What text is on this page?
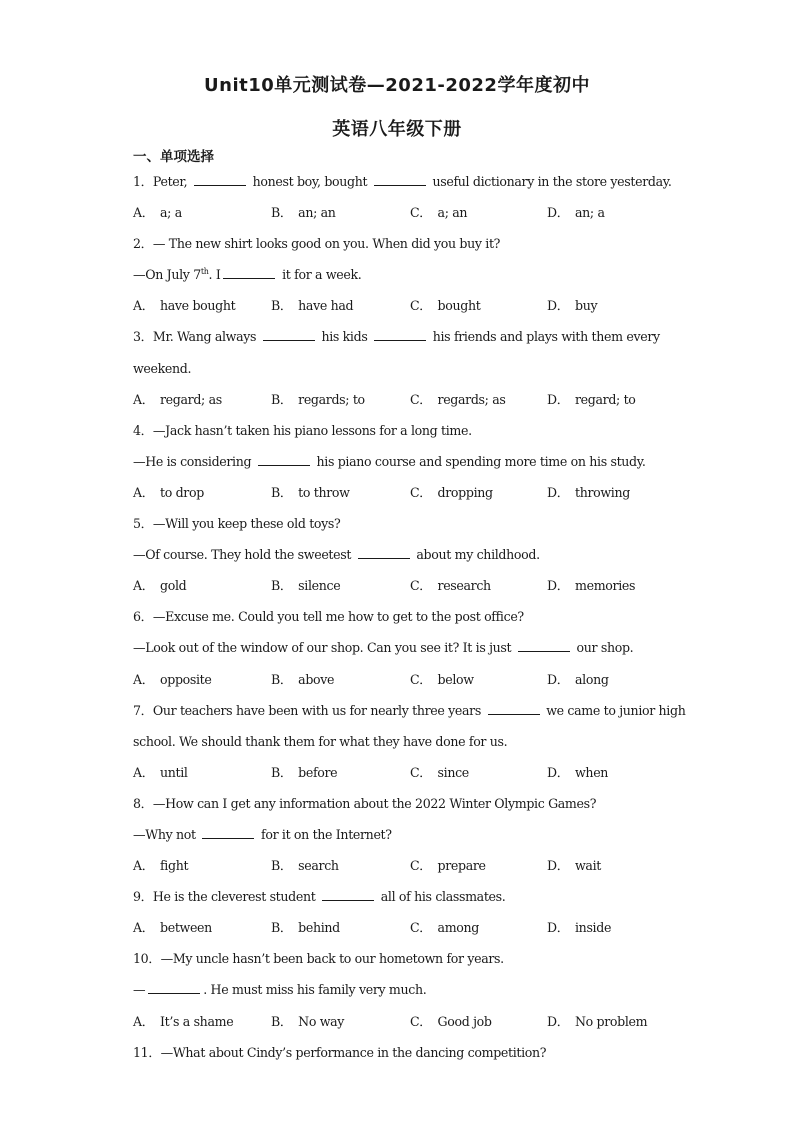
Unit10单元测试卷—2021-2022学年度初中
英语八年级下册
一、单项选择
1．Peter,	honest boy, bought	useful dictionary in the store yesterday.
A． a; a	B． an; an	C． a; an	D． an; a
2．— The new shirt looks good on you. When did you buy it?
—On July 7th. I	it for a week.
A． have bought	B． have had	C． bought	D． buy
3．Mr. Wang always	his kids	his friends and plays with them every
weekend.
A． regard; as	B． regards; to	C． regards; as	D． regard; to
4．—Jack hasn’t taken his piano lessons for a long time.
—He is considering	his piano course and spending more time on his study.
A． to drop	B． to throw	C． dropping	D． throwing
5．—Will you keep these old toys?
—Of course. They hold the sweetest	about my childhood.
A． gold	B． silence	C． research	D． memories
6．—Excuse me. Could you tell me how to get to the post office?
—Look out of the window of our shop. Can you see it? It is just	our shop.
A． opposite	B． above	C． below	D． along
7．Our teachers have been with us for nearly three years	we came to junior high
school. We should thank them for what they have done for us.
A． until	B． before	C． since	D． when
8．—How can I get any information about the 2022 Winter Olympic Games?
—Why not	for it on the Internet?
A． fight	B． search	C． prepare	D． wait
9．He is the cleverest student	all of his classmates.
A． between	B． behind	C． among	D． inside
10．—My uncle hasn’t been back to our hometown for years.
—	. He must miss his family very much.
A． It’s a shame	B． No way	C． Good job	D． No problem
11．—What about Cindy’s performance in the dancing competition?
